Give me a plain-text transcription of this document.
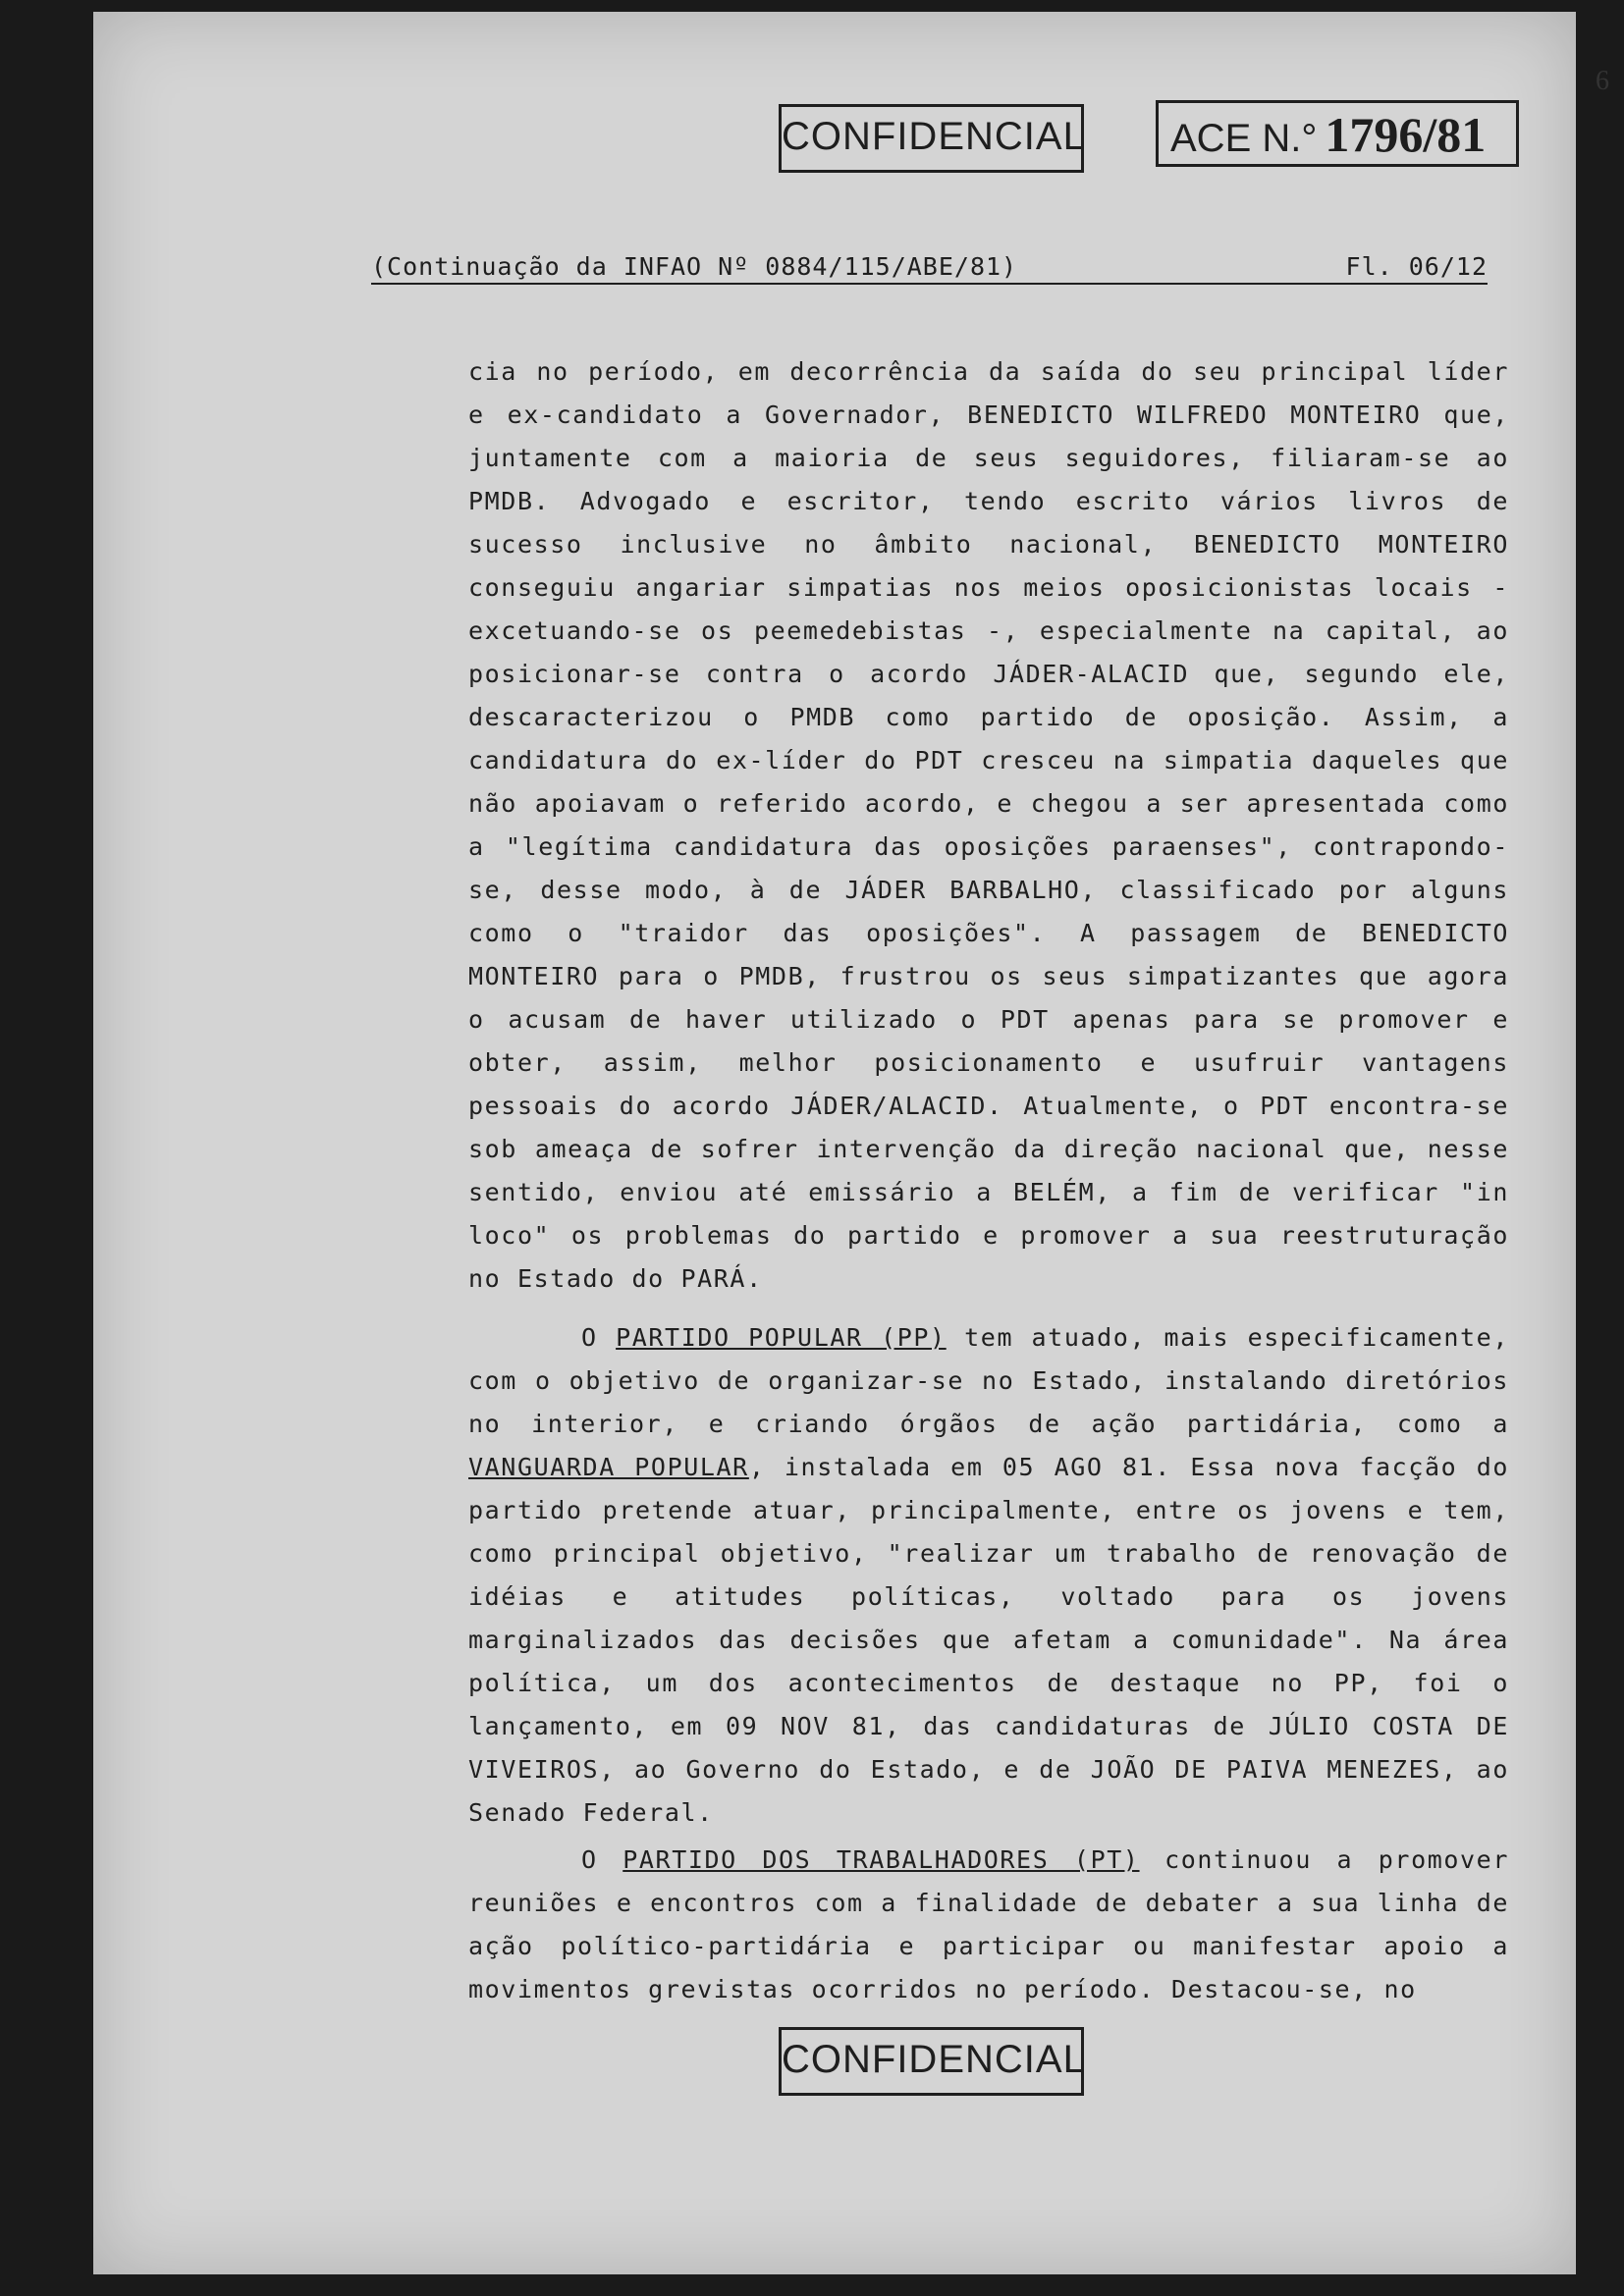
6
CONFIDENCIAL	ACE N.° 1796/81
(Continuação da INFAO Nº 0884/115/ABE/81)	Fl. 06/12

cia no período, em decorrência da saída do seu principal líder e ex-candidato a Governador, BENEDICTO WILFREDO MONTEIRO que, juntamente com a maioria de seus seguidores, filiaram-se ao PMDB. Advogado e escritor, tendo escrito vários livros de sucesso inclusive no âmbito nacional, BENEDICTO MONTEIRO conseguiu angariar simpatias nos meios oposicionistas locais - excetuando-se os peemedebistas -, especialmente na capital, ao posicionar-se contra o acordo JÁDER-ALACID que, segundo ele, descaracterizou o PMDB como partido de oposição. Assim, a candidatura do ex-líder do PDT cresceu na simpatia daqueles que não apoiavam o referido acordo, e chegou a ser apresentada como a "legítima candidatura das oposições paraenses", contrapondo-se, desse modo, à de JÁDER BARBALHO, classificado por alguns como o "traidor das oposições". A passagem de BENEDICTO MONTEIRO para o PMDB, frustrou os seus simpatizantes que agora o acusam de haver utilizado o PDT apenas para se promover e obter, assim, melhor posicionamento e usufruir vantagens pessoais do acordo JÁDER/ALACID. Atualmente, o PDT encontra-se sob ameaça de sofrer intervenção da direção nacional que, nesse sentido, enviou até emissário a BELÉM, a fim de verificar "in loco" os problemas do partido e promover a sua reestruturação no Estado do PARÁ.

O PARTIDO POPULAR (PP) tem atuado, mais especificamente, com o objetivo de organizar-se no Estado, instalando diretórios no interior, e criando órgãos de ação partidária, como a VANGUARDA POPULAR, instalada em 05 AGO 81. Essa nova facção do partido pretende atuar, principalmente, entre os jovens e tem, como principal objetivo, "realizar um trabalho de renovação de idéias e atitudes políticas, voltado para os jovens marginalizados das decisões que afetam a comunidade". Na área política, um dos acontecimentos de destaque no PP, foi o lançamento, em 09 NOV 81, das candidaturas de JÚLIO COSTA DE VIVEIROS, ao Governo do Estado, e de JOÃO DE PAIVA MENEZES, ao Senado Federal.

O PARTIDO DOS TRABALHADORES (PT) continuou a promover reuniões e encontros com a finalidade de debater a sua linha de ação político-partidária e participar ou manifestar apoio a movimentos grevistas ocorridos no período. Destacou-se, no

CONFIDENCIAL
